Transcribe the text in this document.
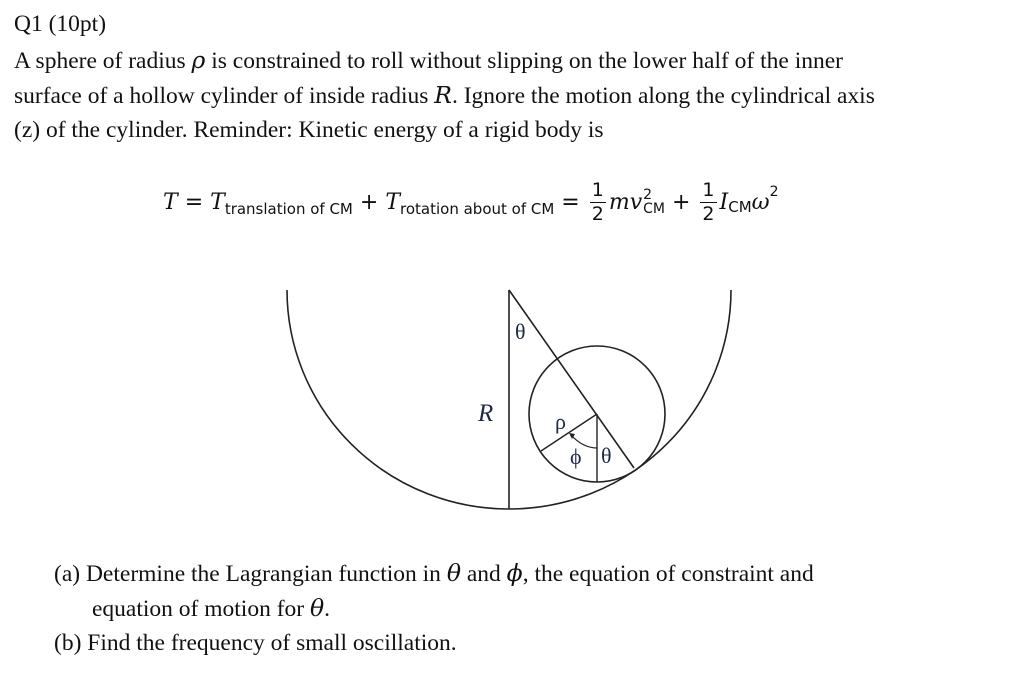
Q1 (10pt)
A sphere of radius ρ is constrained to roll without slipping on the lower half of the inner
surface of a hollow cylinder of inside radius R. Ignore the motion along the cylindrical axis
(z) of the cylinder. Reminder: Kinetic energy of a rigid body is
T = T translation of CM + T rotation about of CM = $\frac{1}{2}$ mv 2
CM + $\frac{1}{2}$ I CM ω 2
θ
R	ρ
ϕ θ
(a) Determine the Lagrangian function in θ and ϕ, the equation of constraint and
equation of motion for θ.
(b) Find the frequency of small oscillation.
